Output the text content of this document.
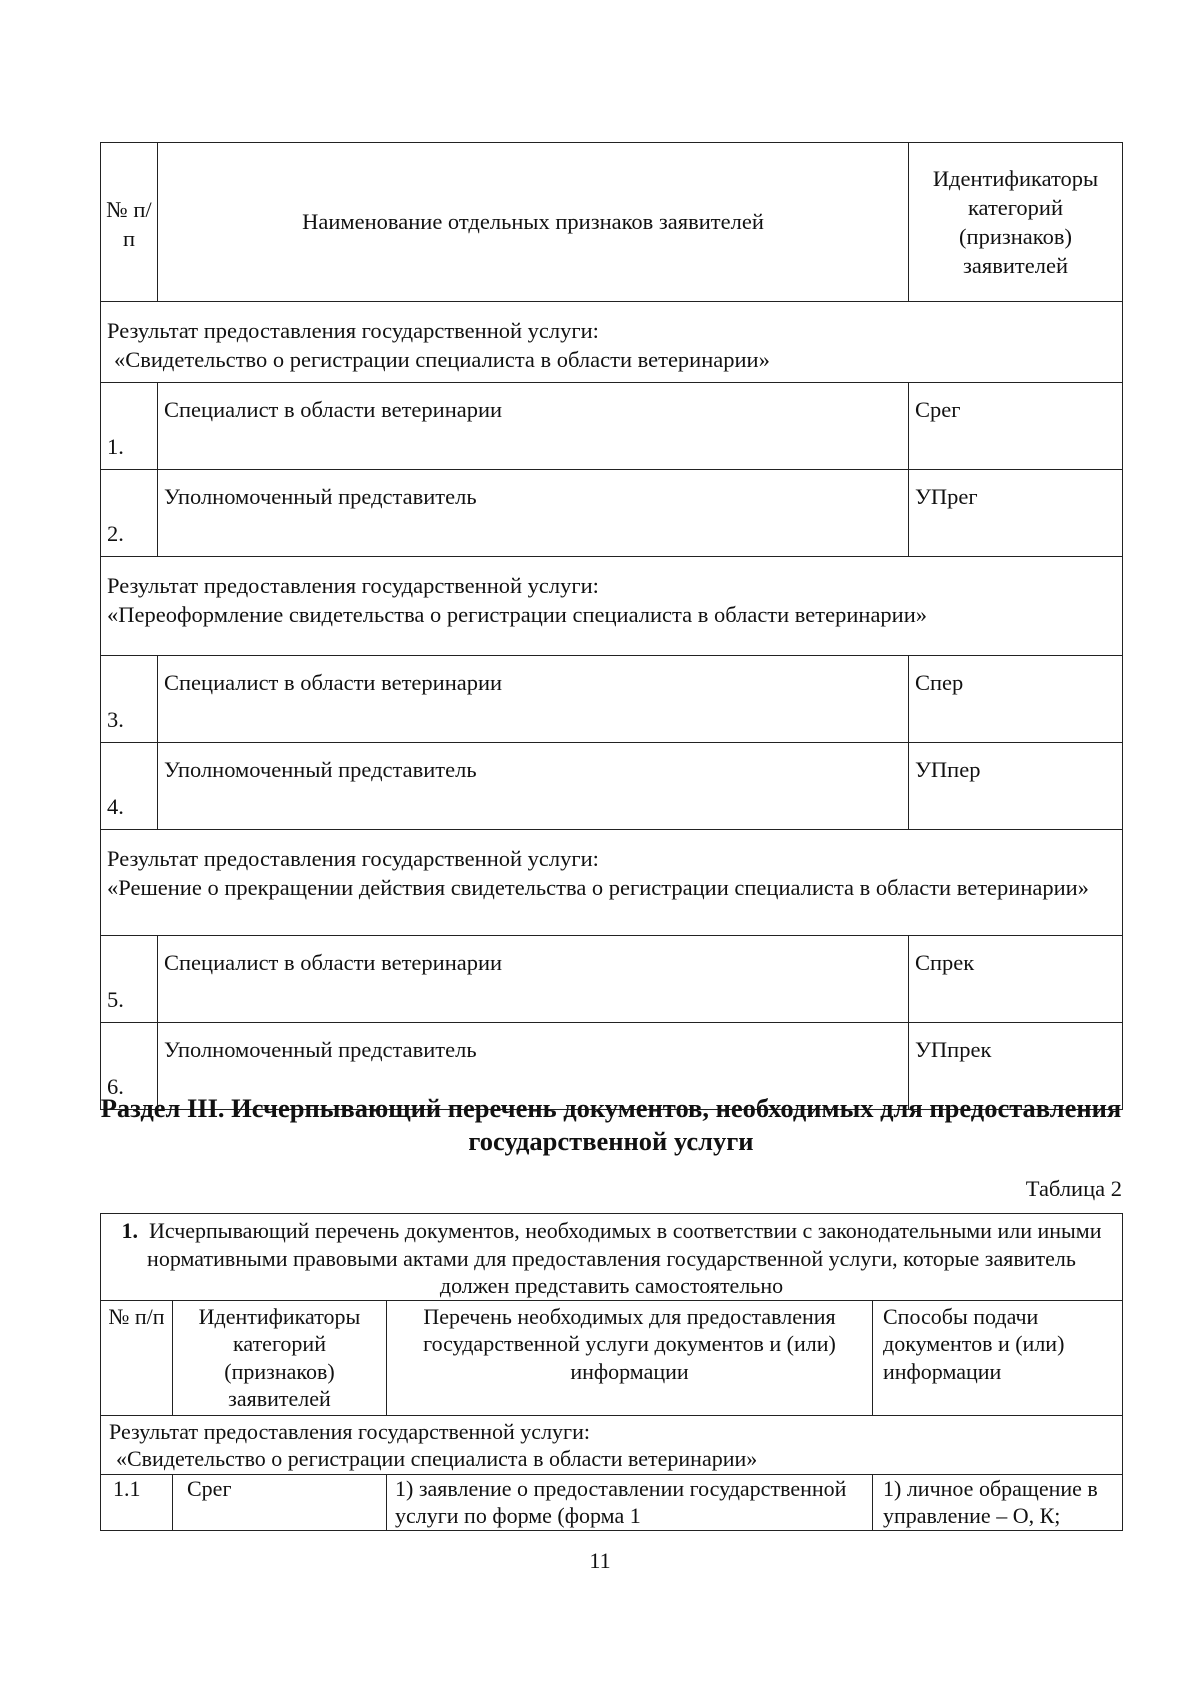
№ п/п	Наименование отдельных признаков заявителей	Идентификаторы категорий (признаков) заявителей

Результат предоставления государственной услуги:
«Свидетельство о регистрации специалиста в области ветеринарии»		

1.	Специалист в области ветеринарии	Срег
2.	Уполномоченный представитель	УПрег

Результат предоставления государственной услуги:
«Переоформление свидетельства о регистрации специалиста в области ветеринарии»		

3.	Специалист в области ветеринарии	Спер
4.	Уполномоченный представитель	УПпер

Результат предоставления государственной услуги:
«Решение о прекращении действия свидетельства о регистрации специалиста в области ветеринарии»		

5.	Специалист в области ветеринарии	Спрек
6.	Уполномоченный представитель	УПпрек
Раздел III. Исчерпывающий перечень документов, необходимых для предоставления государственной услуги
Таблица 2
1. Исчерпывающий перечень документов, необходимых в соответствии с законодательными или иными нормативными правовыми актами для предоставления государственной услуги, которые заявитель должен представить самостоятельно			
№ п/п	Идентификаторы категорий (признаков) заявителей	Перечень необходимых для предоставления государственной услуги документов и (или) информации	Способы подачи документов и (или) информации

Результат предоставления государственной услуги:
«Свидетельство о регистрации специалиста в области ветеринарии»			

1.1	Срег	1) заявление о предоставлении государственной услуги по форме (форма 1	1) личное обращение в управление – О, К;
11
